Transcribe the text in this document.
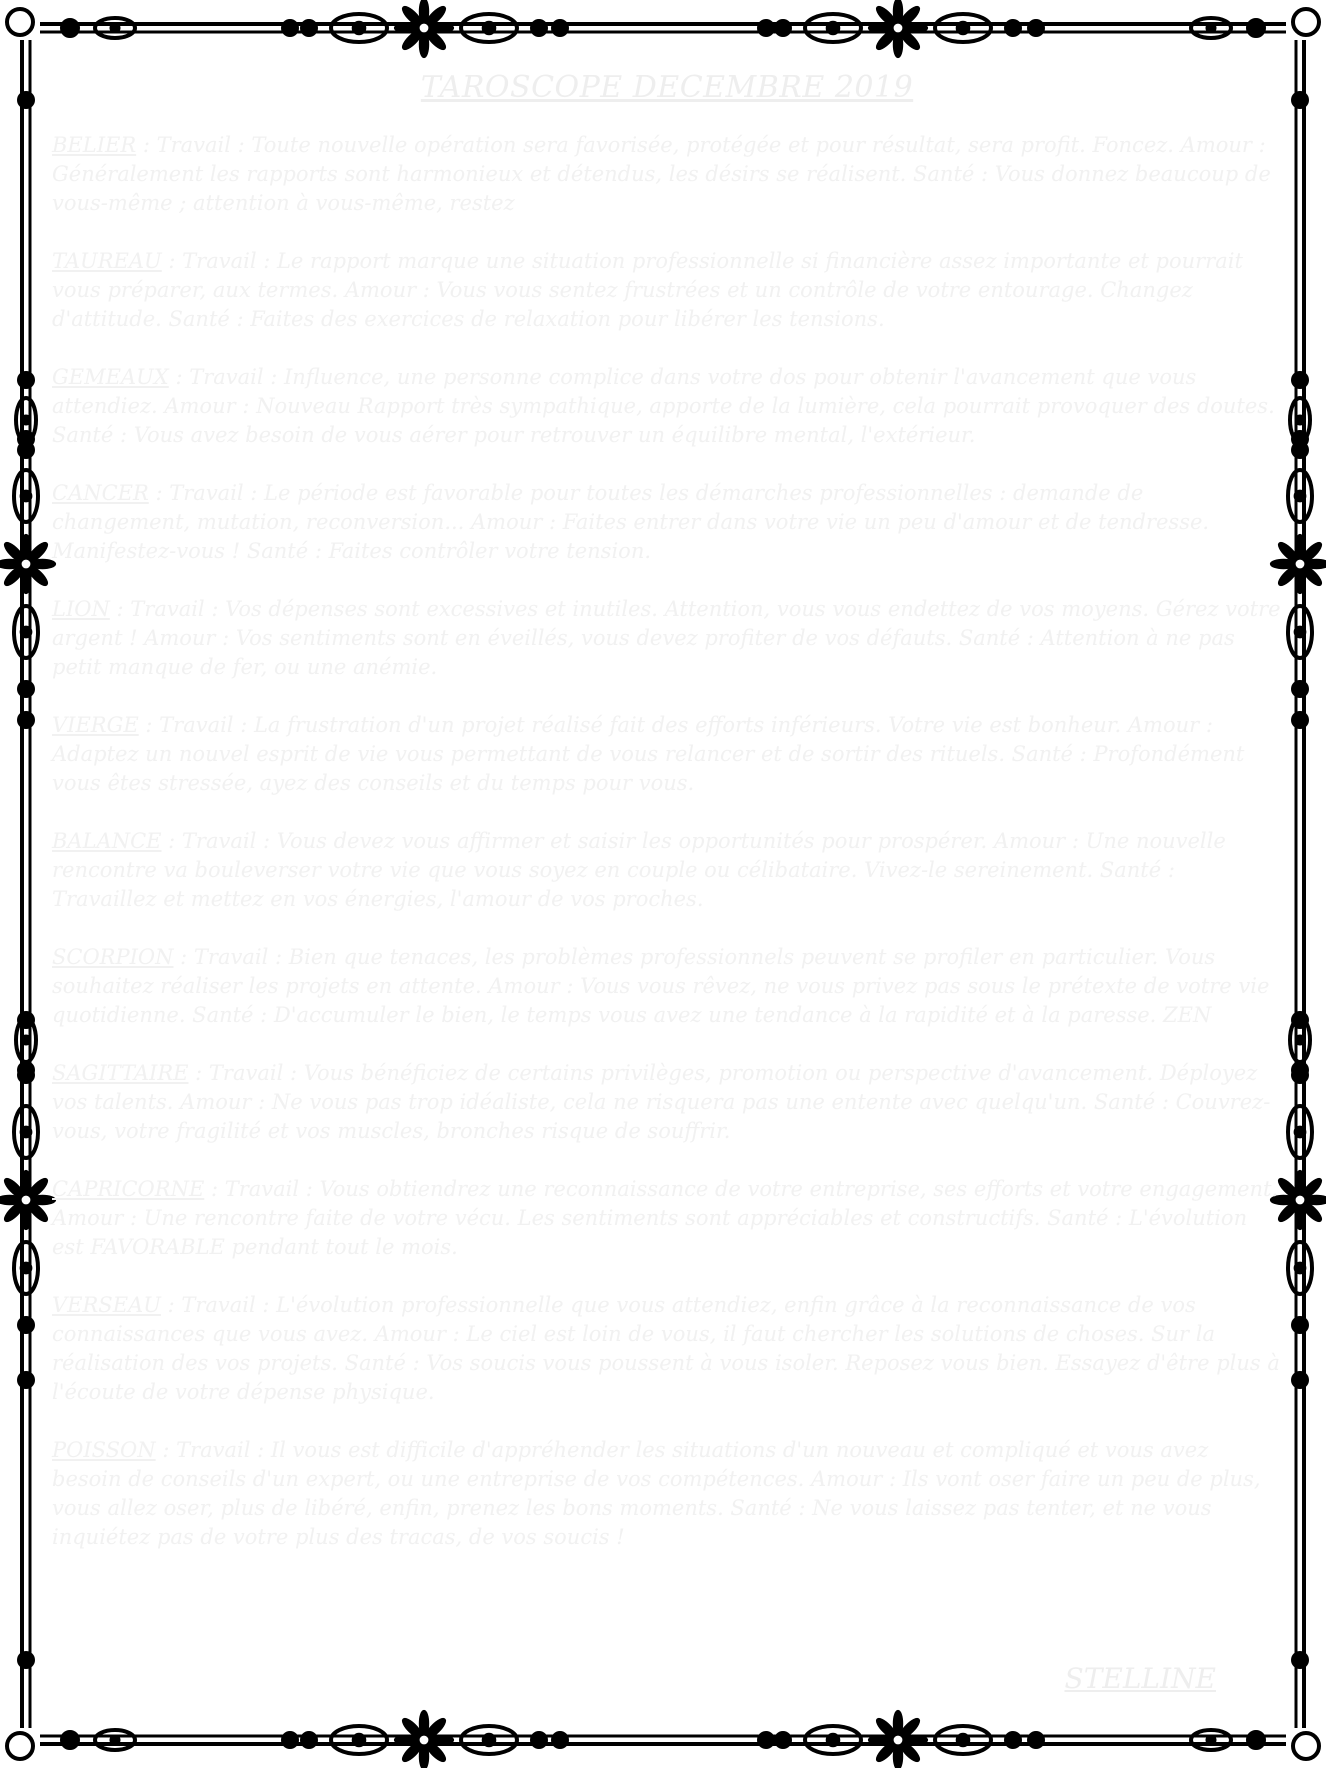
TAROSCOPE DECEMBRE 2019

BELIER : Travail : Toute nouvelle opération sera favorisée, protégée et pour résultat, sera profit. Foncez. Amour : Généralement les rapports sont harmonieux et détendus, les désirs se réalisent. Santé : Vous donnez beaucoup de vous-même ; attention à vous-même, restez

TAUREAU : Travail : Le rapport marque une situation professionnelle si financière assez importante et pourrait vous préparer, aux termes. Amour : Vous vous sentez frustrées et un contrôle de votre entourage. Changez d'attitude. Santé : Faites des exercices de relaxation pour libérer les tensions.

GEMEAUX : Travail : Influence, une personne complice dans votre dos pour obtenir l'avancement que vous attendiez. Amour : Nouveau Rapport très sympathique, apporte de la lumière, cela pourrait provoquer des doutes. Santé : Vous avez besoin de vous aérer pour retrouver un équilibre mental, l'extérieur.

CANCER : Travail : Le période est favorable pour toutes les démarches professionnelles : demande de changement, mutation, reconversion... Amour : Faites entrer dans votre vie un peu d'amour et de tendresse. Manifestez-vous ! Santé : Faites contrôler votre tension.

LION : Travail : Vos dépenses sont excessives et inutiles. Attention, vous vous endettez de vos moyens. Gérez votre argent ! Amour : Vos sentiments sont en éveillés, vous devez profiter de vos défauts. Santé : Attention à ne pas petit manque de fer, ou une anémie.

VIERGE : Travail : La frustration d'un projet réalisé fait des efforts inférieurs. Votre vie est bonheur. Amour : Adaptez un nouvel esprit de vie vous permettant de vous relancer et de sortir des rituels. Santé : Profondément vous êtes stressée, ayez des conseils et du temps pour vous.

BALANCE : Travail : Vous devez vous affirmer et saisir les opportunités pour prospérer. Amour : Une nouvelle rencontre va bouleverser votre vie que vous soyez en couple ou célibataire. Vivez-le sereinement. Santé : Travaillez et mettez en vos énergies, l'amour de vos proches.

SCORPION : Travail : Bien que tenaces, les problèmes professionnels peuvent se profiler en particulier. Vous souhaitez réaliser les projets en attente. Amour : Vous vous rêvez, ne vous privez pas sous le prétexte de votre vie quotidienne. Santé : D'accumuler le bien, le temps vous avez une tendance à la rapidité et à la paresse. ZEN

SAGITTAIRE : Travail : Vous bénéficiez de certains privilèges, promotion ou perspective d'avancement. Déployez vos talents. Amour : Ne vous pas trop idéaliste, cela ne risquera pas une entente avec quelqu'un. Santé : Couvrez-vous, votre fragilité et vos muscles, bronches risque de souffrir.

CAPRICORNE : Travail : Vous obtiendrez une reconnaissance de votre entreprise, ses efforts et votre engagement. Amour : Une rencontre faite de votre vécu. Les sentiments sont appréciables et constructifs. Santé : L'évolution est FAVORABLE pendant tout le mois.

VERSEAU : Travail : L'évolution professionnelle que vous attendiez, enfin grâce à la reconnaissance de vos connaissances que vous avez. Amour : Le ciel est loin de vous, il faut chercher les solutions de choses. Sur la réalisation des vos projets. Santé : Vos soucis vous poussent à vous isoler. Reposez vous bien. Essayez d'être plus à l'écoute de votre dépense physique.

POISSON : Travail : Il vous est difficile d'appréhender les situations d'un nouveau et compliqué et vous avez besoin de conseils d'un expert, ou une entreprise de vos compétences. Amour : Ils vont oser faire un peu de plus, vous allez oser, plus de libéré, enfin, prenez les bons moments. Santé : Ne vous laissez pas tenter, et ne vous inquiétez pas de votre plus des tracas, de vos soucis !

STELLINE
